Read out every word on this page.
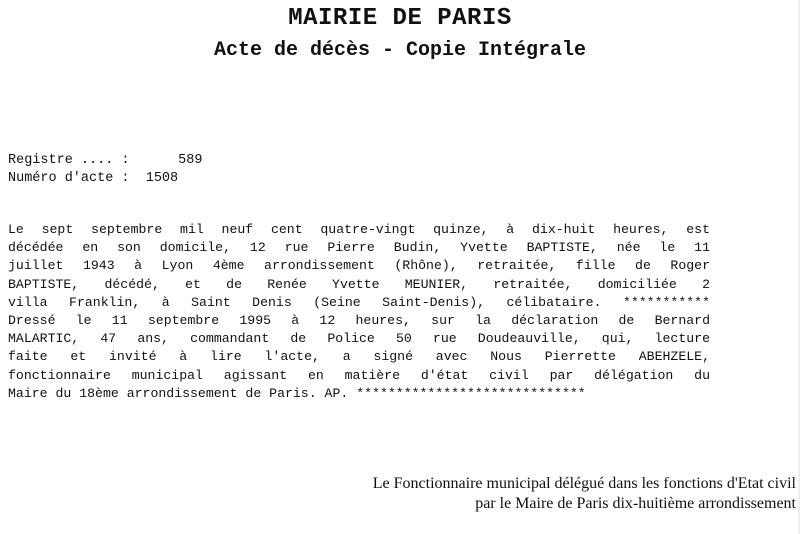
MAIRIE DE PARIS
Acte de décès - Copie Intégrale
Registre .... :	589
Numéro d'acte : 1508
Le sept septembre mil neuf cent quatre-vingt quinze, à dix-huit heures, est
décédée en son domicile, 12 rue Pierre Budin, Yvette BAPTISTE, née le 11
juillet 1943 à Lyon 4ème arrondissement (Rhône), retraitée, fille de Roger
BAPTISTE, décédé, et de Renée Yvette MEUNIER, retraitée, domiciliée 2
villa Franklin, à Saint Denis (Seine Saint-Denis), célibataire. ***********
Dressé le 11 septembre 1995 à 12 heures, sur la déclaration de Bernard
MALARTIC, 47 ans, commandant de Police 50 rue Doudeauville, qui, lecture
faite et invité à lire l'acte, a signé avec Nous Pierrette ABEHZELE,
fonctionnaire municipal agissant en matière d'état civil par délégation du
Maire du 18ème arrondissement de Paris. AP. *****************************
Le Fonctionnaire municipal délégué dans les fonctions d'Etat civil
par le Maire de Paris dix-huitième arrondissement
